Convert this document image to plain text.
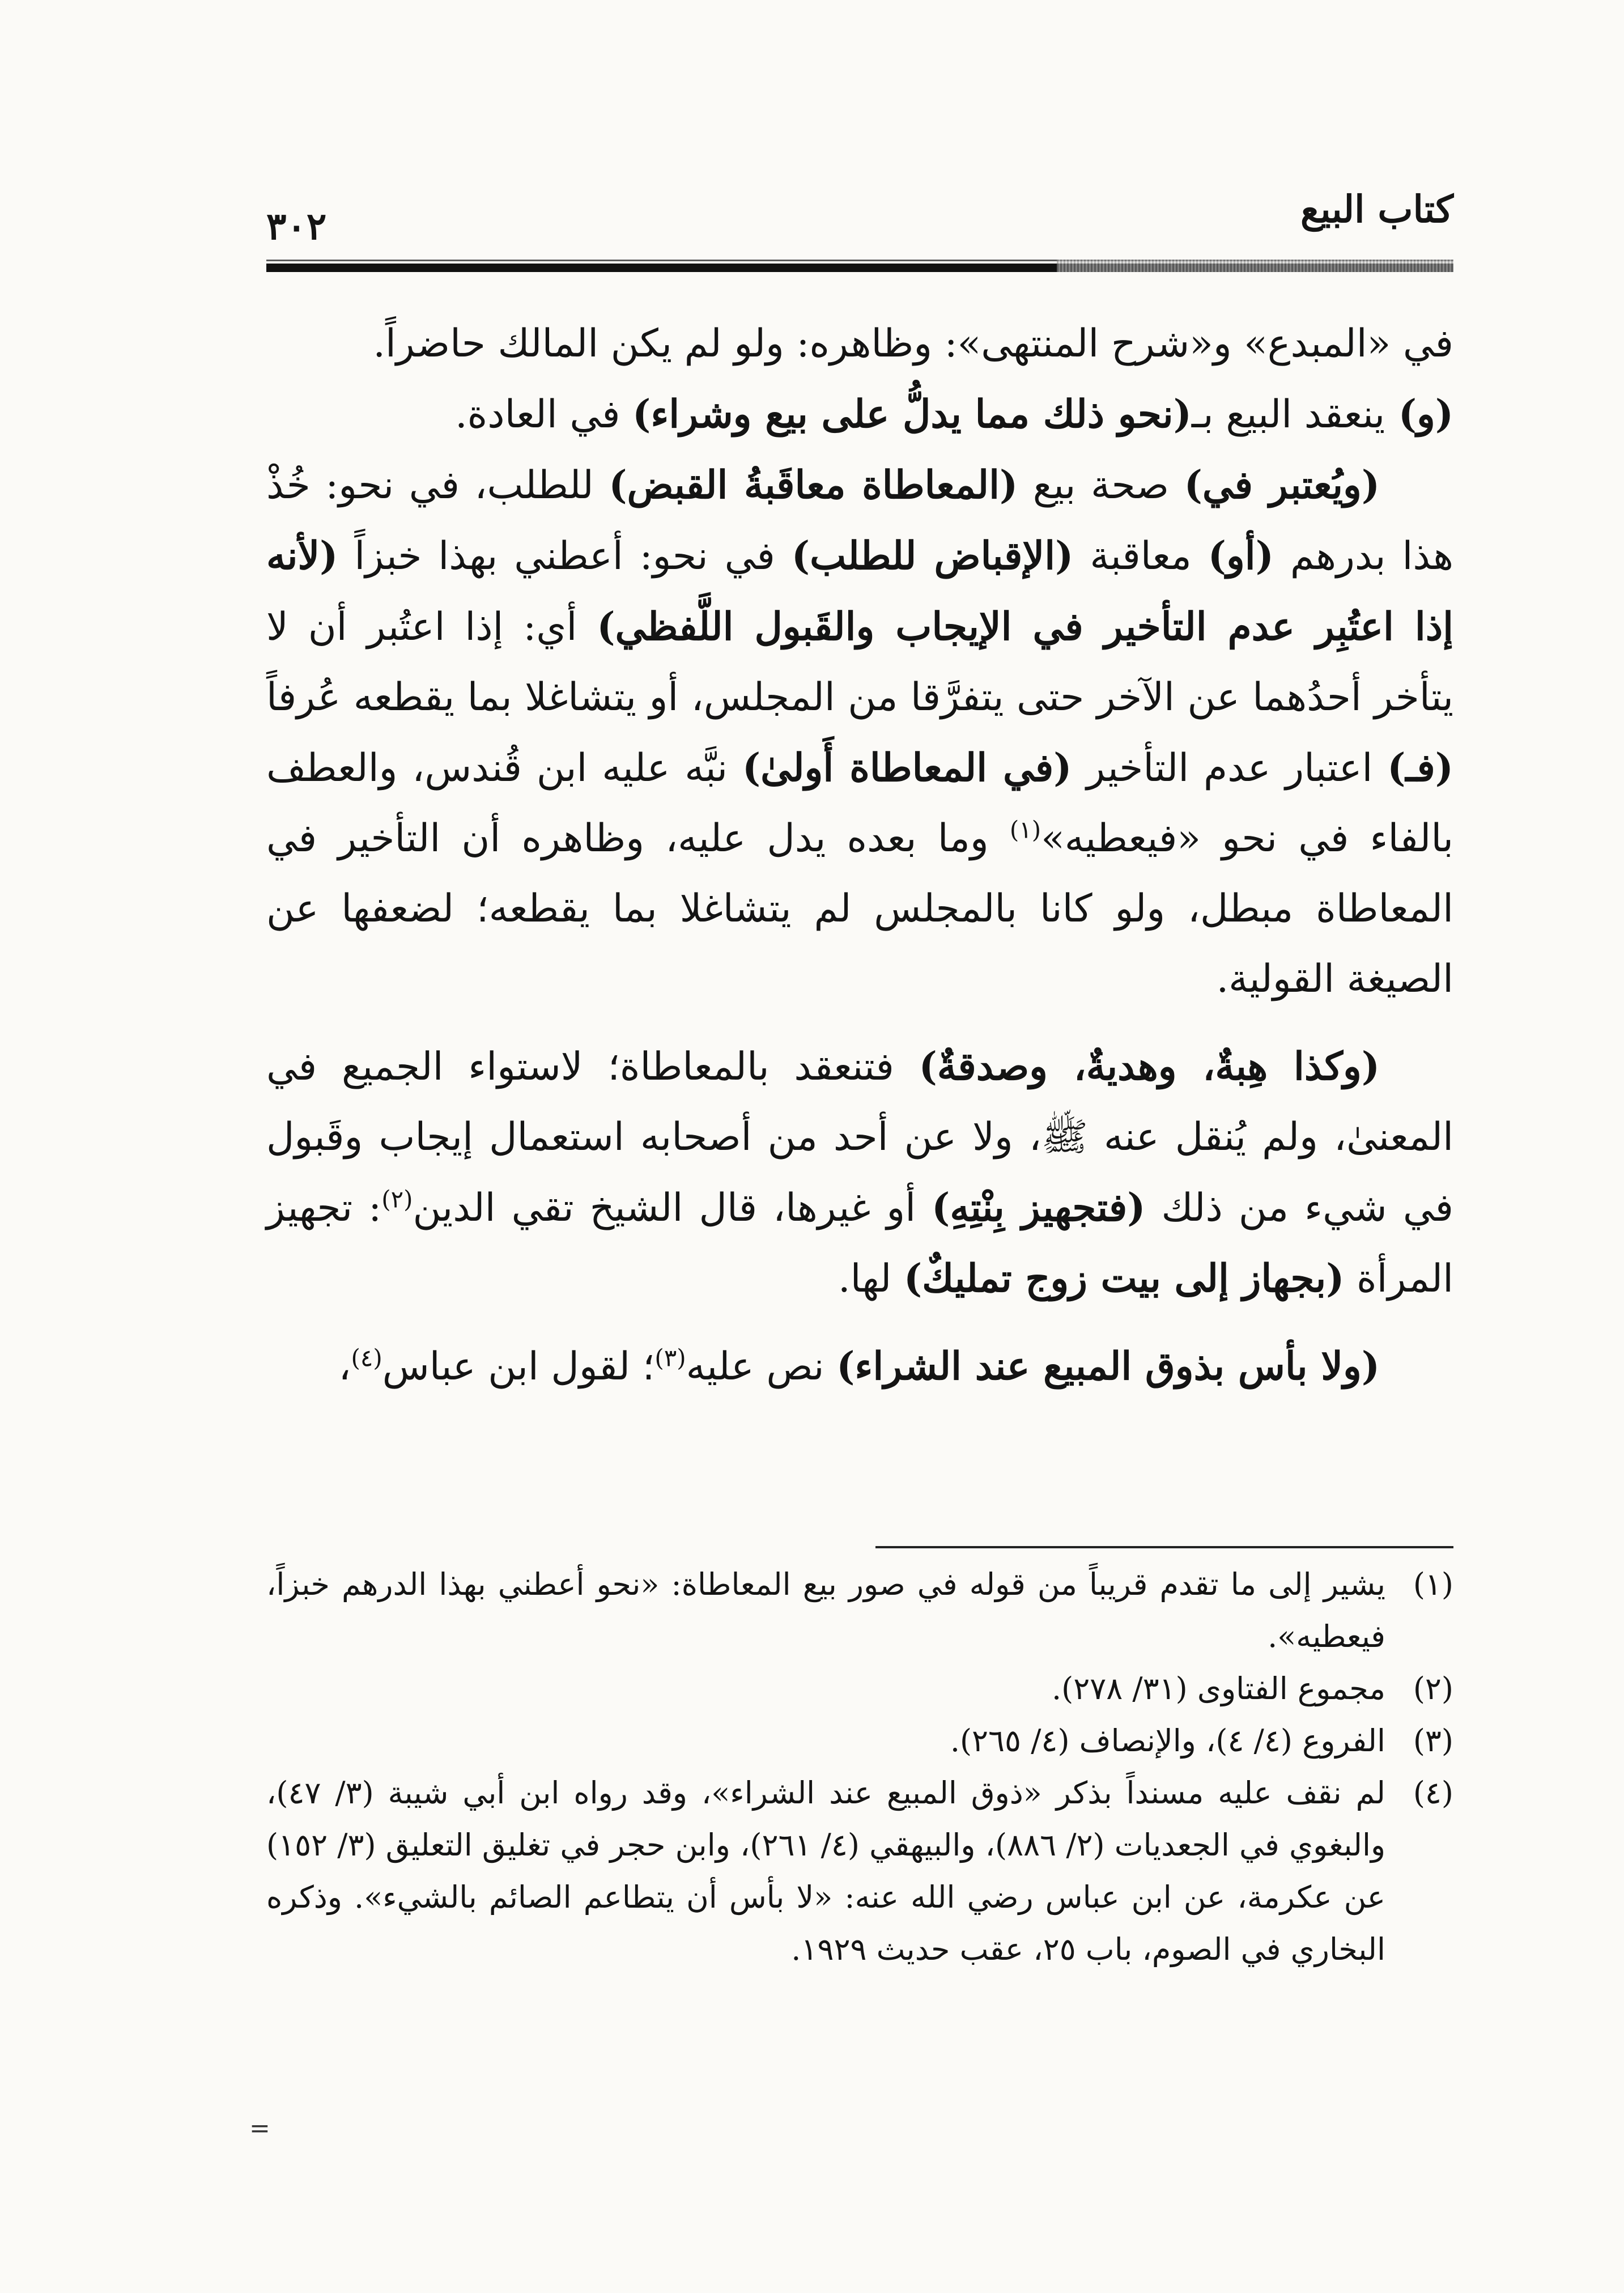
كتاب البيع
٣٠٢

في «المبدع» و«شرح المنتهى»: وظاهره: ولو لم يكن المالك حاضراً.

(و) ينعقد البيع بـ(نحو ذلك مما يدلُّ على بيع وشراء) في العادة.

(ويُعتبر في) صحة بيع (المعاطاة معاقَبةُ القبض) للطلب، في نحو: خُذْ هذا بدرهم (أو) معاقبة (الإقباض للطلب) في نحو: أعطني بهذا خبزاً (لأنه إذا اعتُبِر عدم التأخير في الإيجاب والقَبول اللَّفظي) أي: إذا اعتُبر أن لا يتأخر أحدُهما عن الآخر حتى يتفرَّقا من المجلس، أو يتشاغلا بما يقطعه عُرفاً (فـ) اعتبار عدم التأخير (في المعاطاة أَولىٰ) نبَّه عليه ابن قُندس، والعطف بالفاء في نحو «فيعطيه»$^{(١)}$ وما بعده يدل عليه، وظاهره أن التأخير في المعاطاة مبطل، ولو كانا بالمجلس لم يتشاغلا بما يقطعه؛ لضعفها عن الصيغة القولية.

(وكذا هِبةٌ، وهديةٌ، وصدقةٌ) فتنعقد بالمعاطاة؛ لاستواء الجميع في المعنىٰ، ولم يُنقل عنه ﷺ، ولا عن أحد من أصحابه استعمال إيجاب وقَبول في شيء من ذلك (فتجهيز بِنْتِهِ) أو غيرها، قال الشيخ تقي الدين$^{(٢)}$: تجهيز المرأة (بجهاز إلى بيت زوج تمليكٌ) لها.

(ولا بأس بذوق المبيع عند الشراء) نص عليه$^{(٣)}$؛ لقول ابن عباس$^{(٤)}$،

(١)
يشير إلى ما تقدم قريباً من قوله في صور بيع المعاطاة: «نحو أعطني بهذا الدرهم خبزاً، فيعطيه».
(٢)
مجموع الفتاوى (٣١/ ٢٧٨).
(٣)
الفروع (٤/ ٤)، والإنصاف (٤/ ٢٦٥).
(٤)
لم نقف عليه مسنداً بذكر «ذوق المبيع عند الشراء»، وقد رواه ابن أبي شيبة (٣/ ٤٧)، والبغوي في الجعديات (٢/ ٨٨٦)، والبيهقي (٤/ ٢٦١)، وابن حجر في تغليق التعليق (٣/ ١٥٢) عن عكرمة، عن ابن عباس رضي الله عنه: «لا بأس أن يتطاعم الصائم بالشيء». وذكره البخاري في الصوم، باب ٢٥، عقب حديث ١٩٢٩.
=
